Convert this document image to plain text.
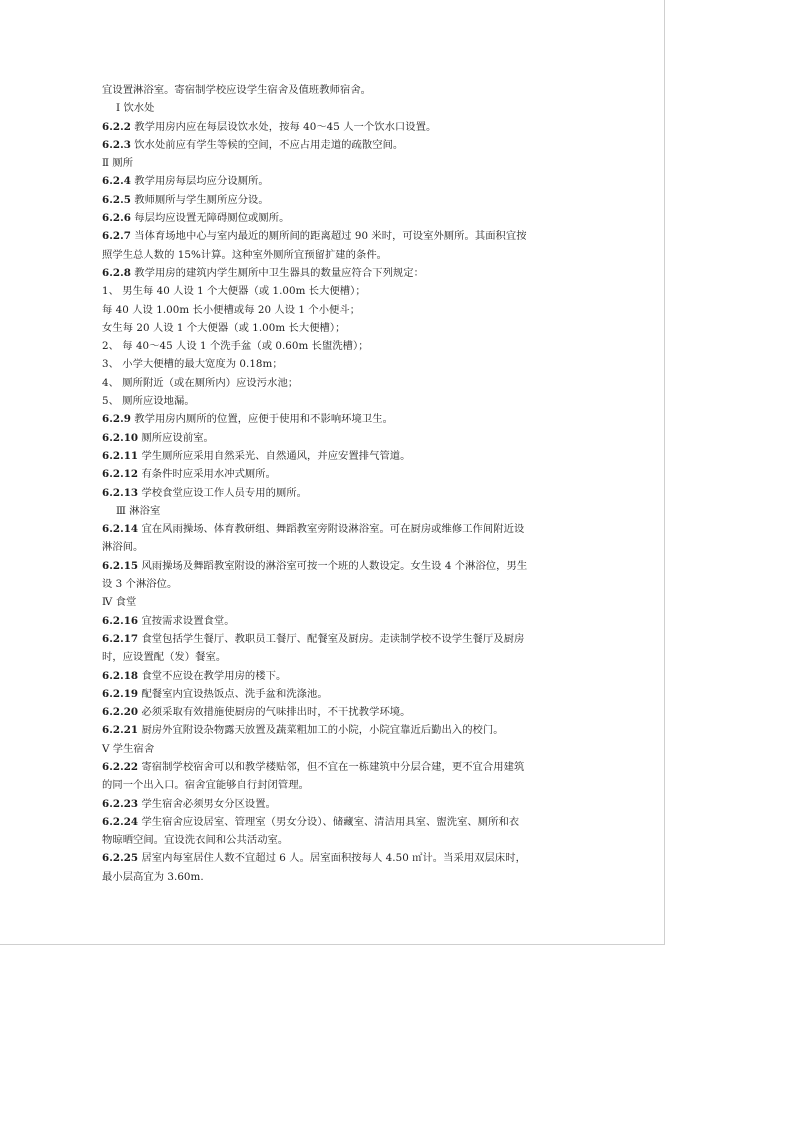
宜设置淋浴室。寄宿制学校应设学生宿舍及值班教师宿舍。
Ⅰ 饮水处
6.2.2 教学用房内应在每层设饮水处，按每 40～45 人一个饮水口设置。
6.2.3 饮水处前应有学生等候的空间，不应占用走道的疏散空间。
Ⅱ 厕所
6.2.4 教学用房每层均应分设厕所。
6.2.5 教师厕所与学生厕所应分设。
6.2.6 每层均应设置无障碍厕位或厕所。
6.2.7 当体育场地中心与室内最近的厕所间的距离超过 90 米时，可设室外厕所。其面积宜按
照学生总人数的 15%计算。这种室外厕所宜预留扩建的条件。
6.2.8 教学用房的建筑内学生厕所中卫生器具的数量应符合下列规定：
1、 男生每 40 人设 1 个大便器（或 1.00m 长大便槽）；
每 40 人设 1.00m 长小便槽或每 20 人设 1 个小便斗；
女生每 20 人设 1 个大便器（或 1.00m 长大便槽）；
2、 每 40～45 人设 1 个洗手盆（或 0.60m 长盥洗槽）；
3、 小学大便槽的最大宽度为 0.18m；
4、 厕所附近（或在厕所内）应设污水池；
5、 厕所应设地漏。
6.2.9 教学用房内厕所的位置，应便于使用和不影响环境卫生。
6.2.10 厕所应设前室。
6.2.11 学生厕所应采用自然采光、自然通风，并应安置排气管道。
6.2.12 有条件时应采用水冲式厕所。
6.2.13 学校食堂应设工作人员专用的厕所。
Ⅲ 淋浴室
6.2.14 宜在风雨操场、体育教研组、舞蹈教室旁附设淋浴室。可在厨房或维修工作间附近设
淋浴间。
6.2.15 风雨操场及舞蹈教室附设的淋浴室可按一个班的人数设定。女生设 4 个淋浴位，男生
设 3 个淋浴位。
Ⅳ 食堂
6.2.16 宜按需求设置食堂。
6.2.17 食堂包括学生餐厅、教职员工餐厅、配餐室及厨房。走读制学校不设学生餐厅及厨房
时，应设置配（发）餐室。
6.2.18 食堂不应设在教学用房的楼下。
6.2.19 配餐室内宜设热饭点、洗手盆和洗涤池。
6.2.20 必须采取有效措施使厨房的气味排出时，不干扰教学环境。
6.2.21 厨房外宜附设杂物露天放置及蔬菜粗加工的小院，小院宜靠近后勤出入的校门。
Ⅴ 学生宿舍
6.2.22 寄宿制学校宿舍可以和教学楼贴邻，但不宜在一栋建筑中分层合建，更不宜合用建筑
的同一个出入口。宿舍宜能够自行封闭管理。
6.2.23 学生宿舍必须男女分区设置。
6.2.24 学生宿舍应设居室、管理室（男女分设）、储藏室、清洁用具室、盥洗室、厕所和衣
物晾晒空间。宜设洗衣间和公共活动室。
6.2.25 居室内每室居住人数不宜超过 6 人。居室面积按每人 4.50 ㎡计。当采用双层床时，
最小层高宜为 3.60m.
